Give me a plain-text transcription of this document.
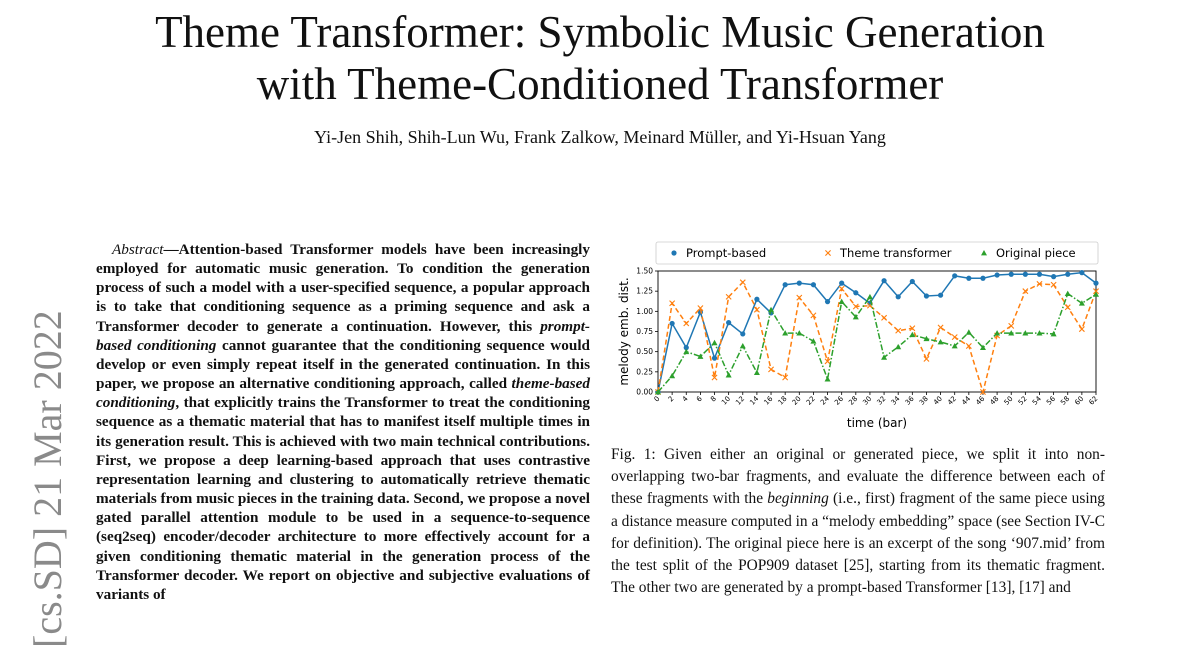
Theme Transformer: Symbolic Music Generation
with Theme-Conditioned Transformer
Yi-Jen Shih, Shih-Lun Wu, Frank Zalkow, Meinard Müller, and Yi-Hsuan Yang
[cs.SD] 21 Mar 2022
Abstract—Attention-based Transformer models have been increasingly employed for automatic music generation. To condition the generation process of such a model with a user-specified sequence, a popular approach is to take that conditioning sequence as a priming sequence and ask a Transformer decoder to generate a continuation. However, this prompt-based conditioning cannot guarantee that the conditioning sequence would develop or even simply repeat itself in the generated continuation. In this paper, we propose an alternative conditioning approach, called theme-based conditioning, that explicitly trains the Transformer to treat the conditioning sequence as a thematic material that has to manifest itself multiple times in its generation result. This is achieved with two main technical contributions. First, we propose a deep learning-based approach that uses contrastive representation learning and clustering to automatically retrieve thematic materials from music pieces in the training data. Second, we propose a novel gated parallel attention module to be used in a sequence-to-sequence (seq2seq) encoder/decoder architecture to more effectively account for a given conditioning thematic material in the generation process of the Transformer decoder. We report on objective and subjective evaluations of variants of
0.00
0.25
0.50
0.75
1.00
1.25
1.50
0 2 4 6 8 10 12 14 16 18 20 22 24 26 28 30 32 34 36 38 40 42 44 46 48 50 52 54 56 58 60 62
time (bar)
melody emb. dist.
Prompt-based	Theme transformer	Original piece
Fig. 1: Given either an original or generated piece, we split it into non-overlapping two-bar fragments, and evaluate the difference between each of these fragments with the beginning (i.e., first) fragment of the same piece using a distance measure computed in a “melody embedding” space (see Section IV-C for definition). The original piece here is an excerpt of the song ‘907.mid’ from the test split of the POP909 dataset [25], starting from its thematic fragment. The other two are generated by a prompt-based Transformer [13], [17] and
